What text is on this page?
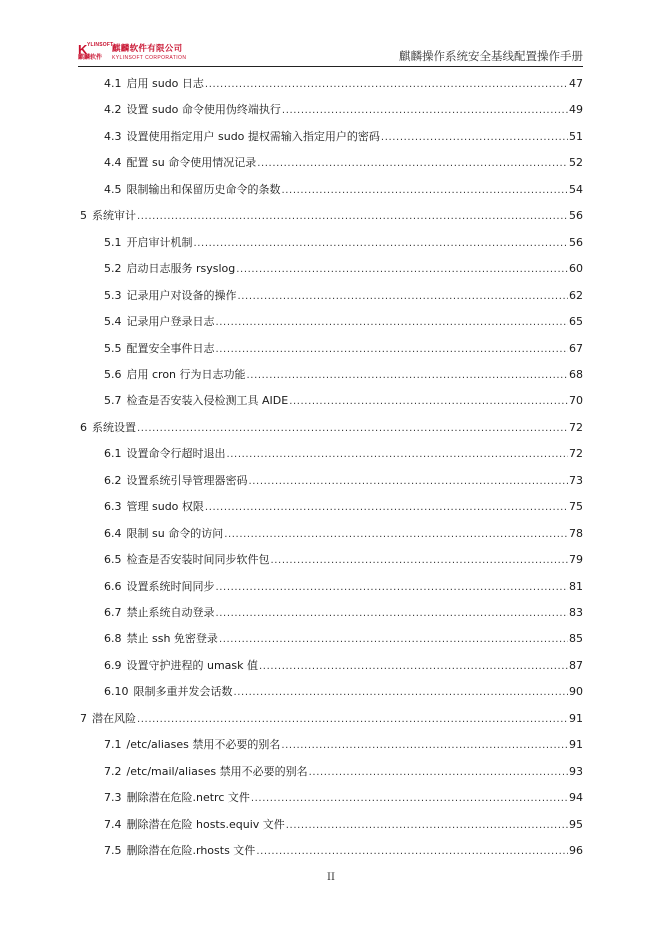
K YLINSOFT
麒麟软件
麒麟软件有限公司
KYLINSOFT CORPORATION	麒麟操作系统安全基线配置操作手册
4.1 启用 sudo 日志 .....	47
4.2 设置 sudo 命令使用伪终端执行 .....	49
4.3 设置使用指定用户 sudo 提权需输入指定用户的密码 .....	51
4.4 配置 su 命令使用情况记录 .....	52
4.5 限制输出和保留历史命令的条数 .....	54
5 系统审计 .....	56
5.1 开启审计机制 .....	56
5.2 启动日志服务 rsyslog .....	60
5.3 记录用户对设备的操作 .....	62
5.4 记录用户登录日志 .....	65
5.5 配置安全事件日志 .....	67
5.6 启用 cron 行为日志功能 .....	68
5.7 检查是否安装入侵检测工具 AIDE .....	70
6 系统设置 .....	72
6.1 设置命令行超时退出 .....	72
6.2 设置系统引导管理器密码 .....	73
6.3 管理 sudo 权限 .....	75
6.4 限制 su 命令的访问 .....	78
6.5 检查是否安装时间同步软件包 .....	79
6.6 设置系统时间同步 .....	81
6.7 禁止系统自动登录 .....	83
6.8 禁止 ssh 免密登录 .....	85
6.9 设置守护进程的 umask 值 .....	87
6.10 限制多重并发会话数 .....	90
7 潜在风险 .....	91
7.1 /etc/aliases 禁用不必要的别名 .....	91
7.2 /etc/mail/aliases 禁用不必要的别名 .....	93
7.3 删除潜在危险.netrc 文件 .....	94
7.4 删除潜在危险 hosts.equiv 文件 .....	95
7.5 删除潜在危险.rhosts 文件 .....	96
II
